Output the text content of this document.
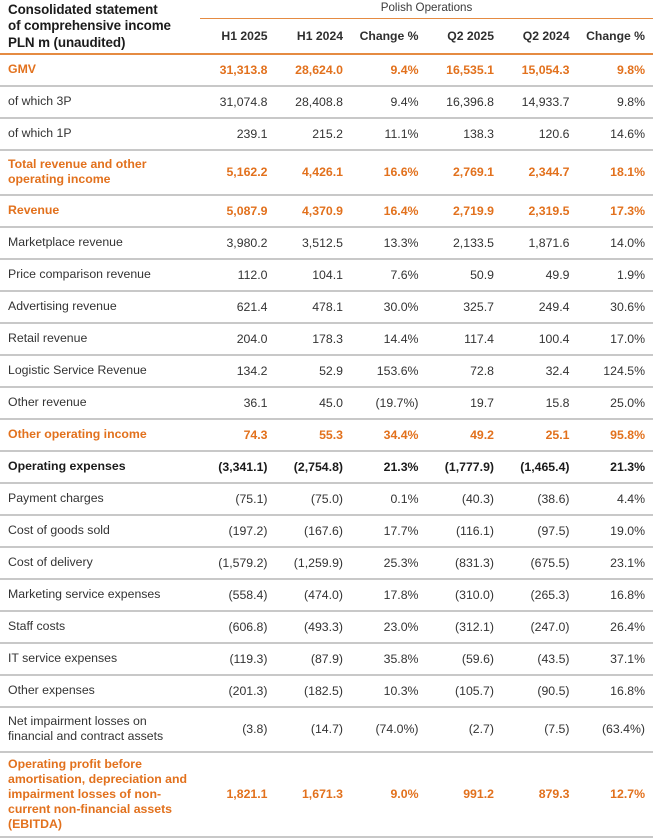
Consolidated statement
of comprehensive income
PLN m (unaudited)	Polish Operations					

	H1 2025	H1 2024	Change %	Q2 2025	Q2 2024	Change %

GMV	31,313.8	28,624.0	9.4%	16,535.1	15,054.3	9.8%

of which 3P	31,074.8	28,408.8	9.4%	16,396.8	14,933.7	9.8%

of which 1P	239.1	215.2	11.1%	138.3	120.6	14.6%

Total revenue and other operating income	5,162.2	4,426.1	16.6%	2,769.1	2,344.7	18.1%

Revenue	5,087.9	4,370.9	16.4%	2,719.9	2,319.5	17.3%

Marketplace revenue	3,980.2	3,512.5	13.3%	2,133.5	1,871.6	14.0%

Price comparison revenue	112.0	104.1	7.6%	50.9	49.9	1.9%

Advertising revenue	621.4	478.1	30.0%	325.7	249.4	30.6%

Retail revenue	204.0	178.3	14.4%	117.4	100.4	17.0%

Logistic Service Revenue	134.2	52.9	153.6%	72.8	32.4	124.5%

Other revenue	36.1	45.0	(19.7%)	19.7	15.8	25.0%

Other operating income	74.3	55.3	34.4%	49.2	25.1	95.8%

Operating expenses	(3,341.1)	(2,754.8)	21.3%	(1,777.9)	(1,465.4)	21.3%

Payment charges	(75.1)	(75.0)	0.1%	(40.3)	(38.6)	4.4%

Cost of goods sold	(197.2)	(167.6)	17.7%	(116.1)	(97.5)	19.0%

Cost of delivery	(1,579.2)	(1,259.9)	25.3%	(831.3)	(675.5)	23.1%

Marketing service expenses	(558.4)	(474.0)	17.8%	(310.0)	(265.3)	16.8%

Staff costs	(606.8)	(493.3)	23.0%	(312.1)	(247.0)	26.4%

IT service expenses	(119.3)	(87.9)	35.8%	(59.6)	(43.5)	37.1%

Other expenses	(201.3)	(182.5)	10.3%	(105.7)	(90.5)	16.8%

Net impairment losses on financial and contract assets	(3.8)	(14.7)	(74.0%)	(2.7)	(7.5)	(63.4%)

Operating profit before amortisation, depreciation and impairment losses of non-current non-financial assets (EBITDA)	1,821.1	1,671.3	9.0%	991.2	879.3	12.7%
